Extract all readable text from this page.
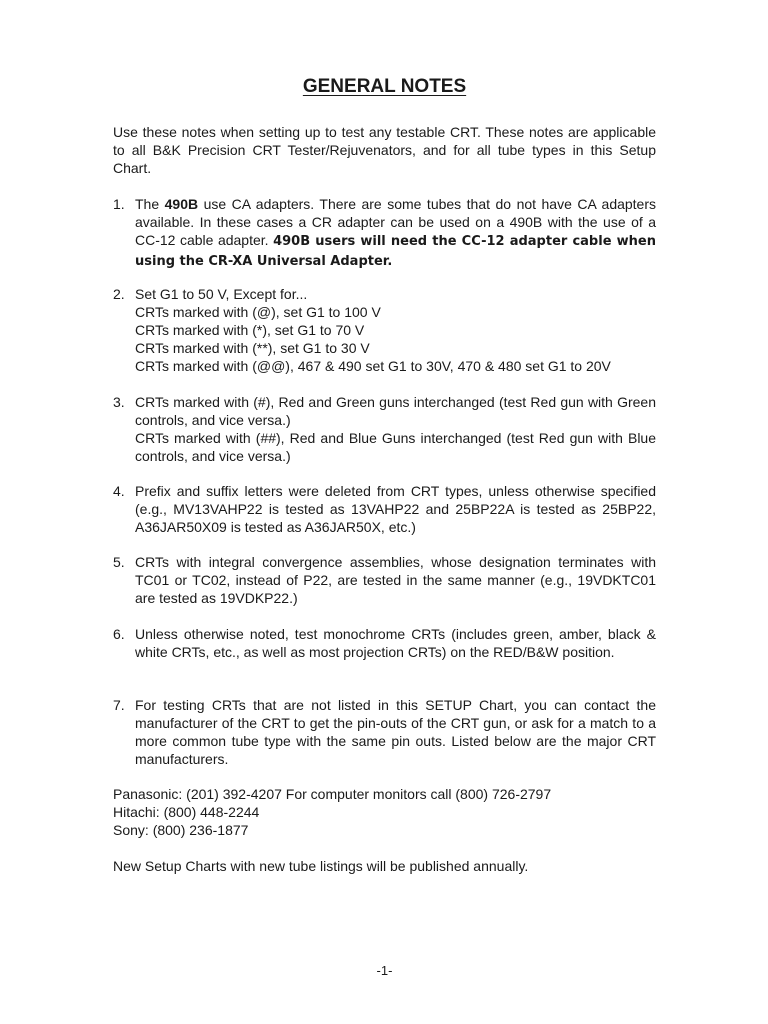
GENERAL NOTES

Use these notes when setting up to test any testable CRT. These notes are applicable to all B&K Precision CRT Tester/Rejuvenators, and for all tube types in this Setup Chart.

1. The 490B use CA adapters. There are some tubes that do not have CA adapters available. In these cases a CR adapter can be used on a 490B with the use of a CC-12 cable adapter. 490B users will need the CC-12 adapter cable when using the CR-XA Universal Adapter.
2. Set G1 to 50 V, Except for...
CRTs marked with (@), set G1 to 100 V
CRTs marked with (*), set G1 to 70 V
CRTs marked with (**), set G1 to 30 V
CRTs marked with (@@), 467 & 490 set G1 to 30V, 470 & 480 set G1 to 20V
3. CRTs marked with (#), Red and Green guns interchanged (test Red gun with Green controls, and vice versa.)
CRTs marked with (##), Red and Blue Guns interchanged (test Red gun with Blue controls, and vice versa.)
4. Prefix and suffix letters were deleted from CRT types, unless otherwise specified (e.g., MV13VAHP22 is tested as 13VAHP22 and 25BP22A is tested as 25BP22, A36JAR50X09 is tested as A36JAR50X, etc.)
5. CRTs with integral convergence assemblies, whose designation terminates with TC01 or TC02, instead of P22, are tested in the same manner (e.g., 19VDKTC01 are tested as 19VDKP22.)
6. Unless otherwise noted, test monochrome CRTs (includes green, amber, black & white CRTs, etc., as well as most projection CRTs) on the RED/B&W position.
7. For testing CRTs that are not listed in this SETUP Chart, you can contact the manufacturer of the CRT to get the pin-outs of the CRT gun, or ask for a match to a more common tube type with the same pin outs. Listed below are the major CRT manufacturers.
Panasonic: (201) 392-4207 For computer monitors call (800) 726-2797
Hitachi: (800) 448-2244
Sony: (800) 236-1877

New Setup Charts with new tube listings will be published annually.

-1-
